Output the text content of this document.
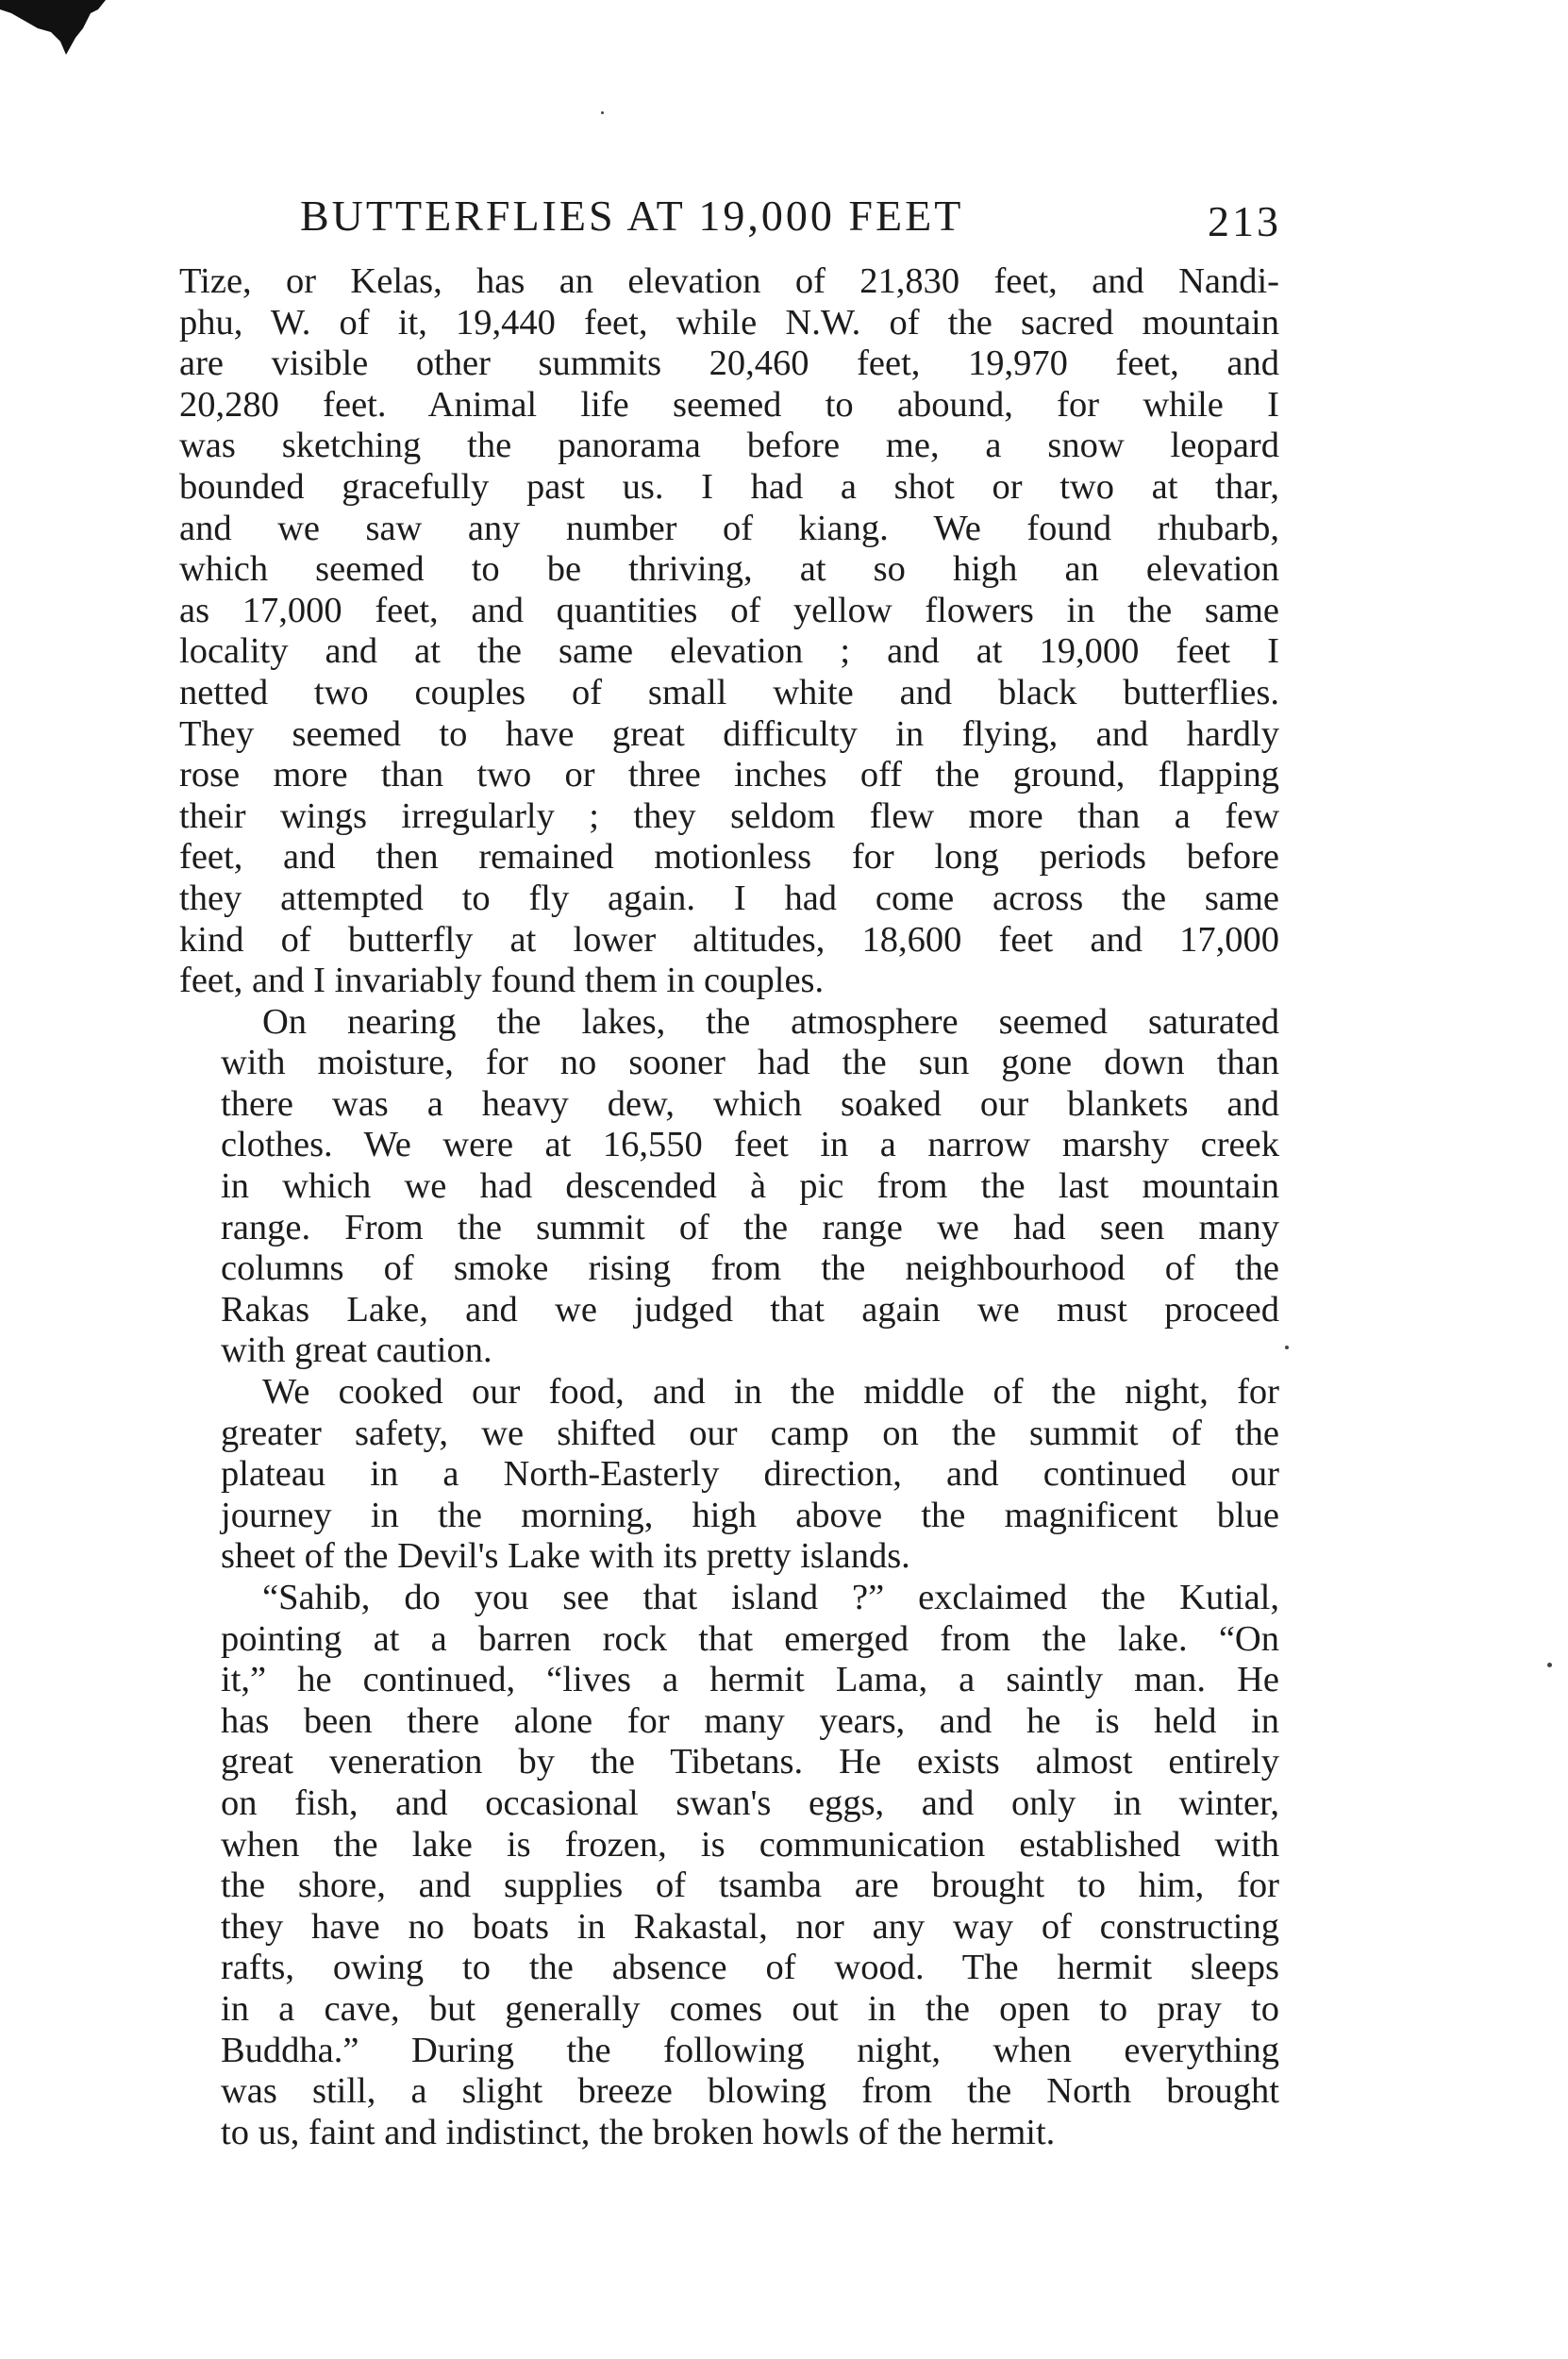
BUTTERFLIES AT 19,000 FEET	213
Tize, or Kelas, has an elevation of 21,830 feet, and Nandi-
phu, W. of it, 19,440 feet, while N.W. of the sacred mountain
are visible other summits 20,460 feet, 19,970 feet, and
20,280 feet. Animal life seemed to abound, for while I
was sketching the panorama before me, a snow leopard
bounded gracefully past us. I had a shot or two at thar,
and we saw any number of kiang. We found rhubarb,
which seemed to be thriving, at so high an elevation
as 17,000 feet, and quantities of yellow flowers in the same
locality and at the same elevation ; and at 19,000 feet I
netted two couples of small white and black butterflies.
They seemed to have great difficulty in flying, and hardly
rose more than two or three inches off the ground, flapping
their wings irregularly ; they seldom flew more than a few
feet, and then remained motionless for long periods before
they attempted to fly again. I had come across the same
kind of butterfly at lower altitudes, 18,600 feet and 17,000
feet, and I invariably found them in couples.
On nearing the lakes, the atmosphere seemed saturated
with moisture, for no sooner had the sun gone down than
there was a heavy dew, which soaked our blankets and
clothes. We were at 16,550 feet in a narrow marshy creek
in which we had descended à pic from the last mountain
range. From the summit of the range we had seen many
columns of smoke rising from the neighbourhood of the
Rakas Lake, and we judged that again we must proceed
with great caution.
We cooked our food, and in the middle of the night, for
greater safety, we shifted our camp on the summit of the
plateau in a North-Easterly direction, and continued our
journey in the morning, high above the magnificent blue
sheet of the Devil's Lake with its pretty islands.
“Sahib, do you see that island ?” exclaimed the Kutial,
pointing at a barren rock that emerged from the lake. “On
it,” he continued, “lives a hermit Lama, a saintly man. He
has been there alone for many years, and he is held in
great veneration by the Tibetans. He exists almost entirely
on fish, and occasional swan's eggs, and only in winter,
when the lake is frozen, is communication established with
the shore, and supplies of tsamba are brought to him, for
they have no boats in Rakastal, nor any way of constructing
rafts, owing to the absence of wood. The hermit sleeps
in a cave, but generally comes out in the open to pray to
Buddha.” During the following night, when everything
was still, a slight breeze blowing from the North brought
to us, faint and indistinct, the broken howls of the hermit.
